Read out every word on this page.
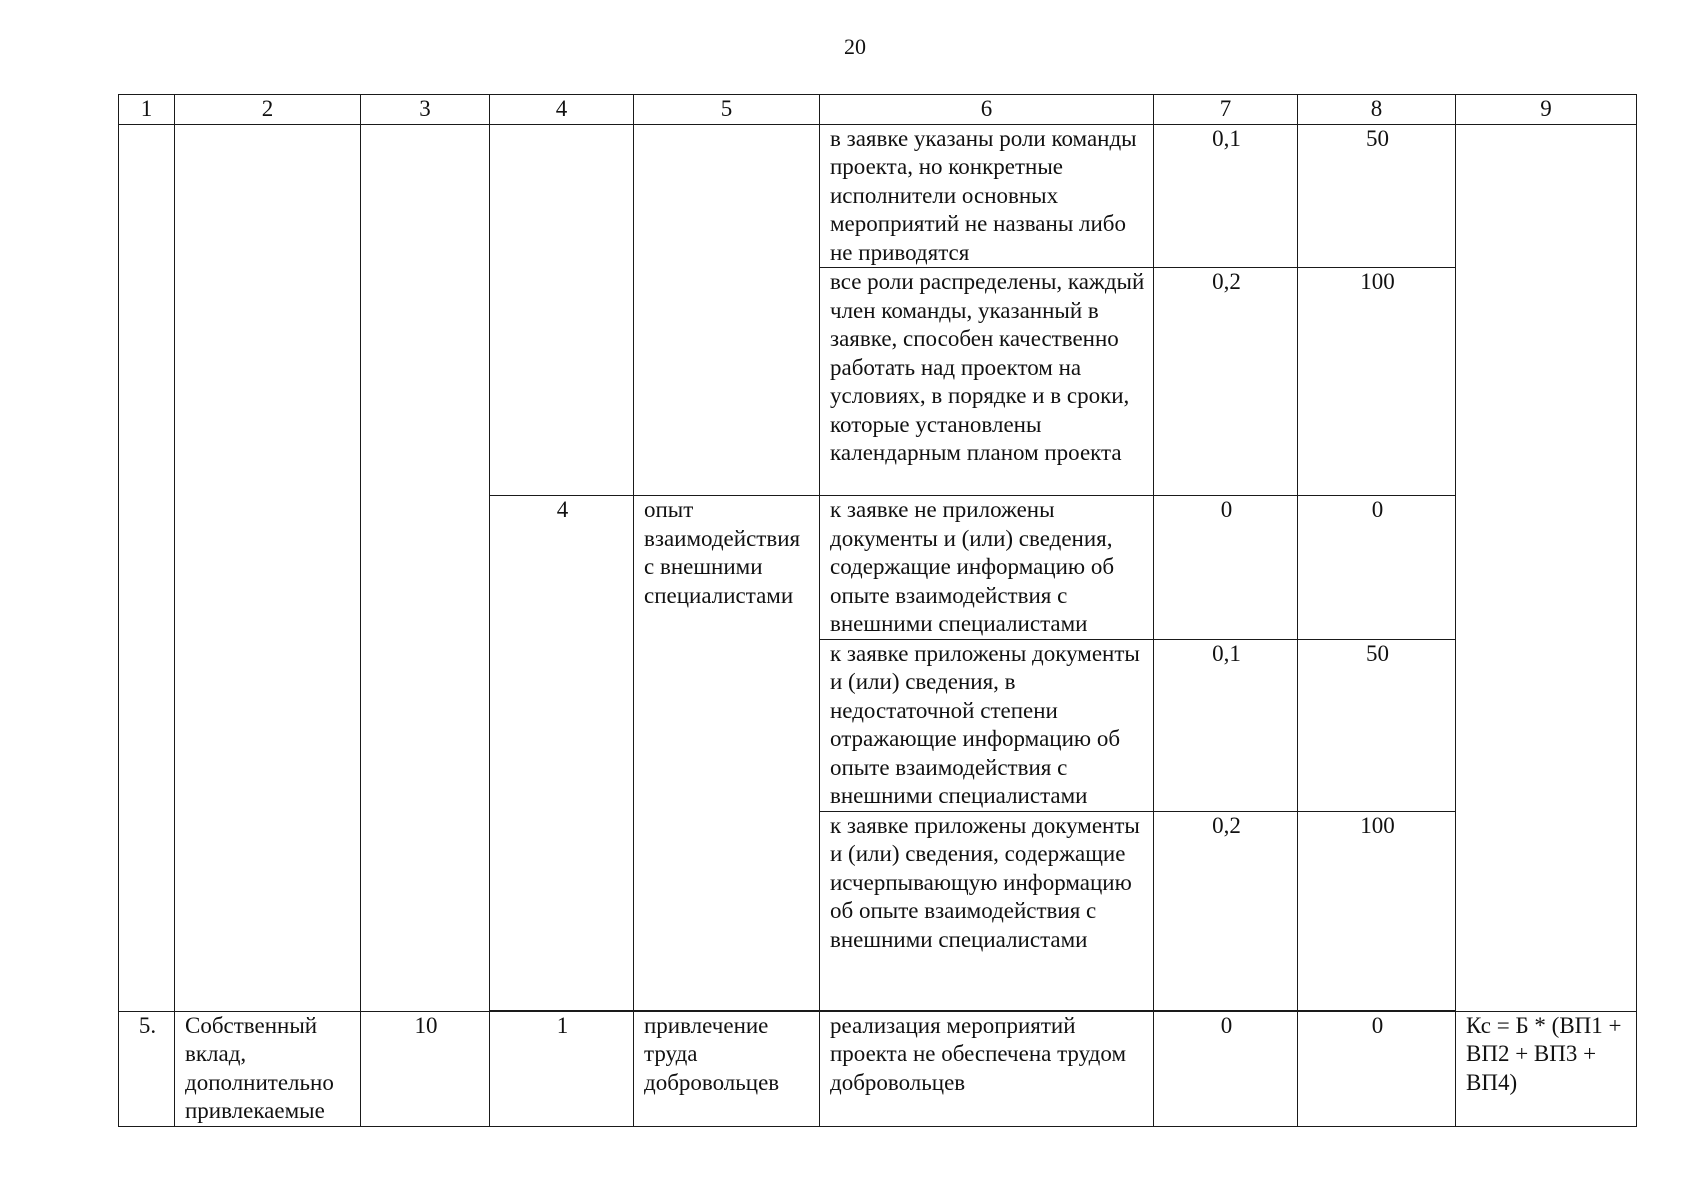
20
1	2	3	4	5	6	7	8	9
					в заявке указаны роли команды проекта, но конкретные исполнители основных мероприятий не названы либо не приводятся	0,1	50	
					все роли распределены, каждый член команды, указанный в заявке, способен качественно работать над проектом на условиях, в порядке и в сроки, которые установлены календарным планом проекта	0,2	100	
			4	опыт взаимодействия с внешними специалистами	к заявке не приложены документы и (или) сведения, содержащие информацию об опыте взаимодействия с внешними специалистами	0	0	
					к заявке приложены документы и (или) сведения, в недостаточной степени отражающие информацию об опыте взаимодействия с внешними специалистами	0,1	50	
					к заявке приложены документы и (или) сведения, содержащие исчерпывающую информацию об опыте взаимодействия с внешними специалистами	0,2	100	

5.	Собственный вклад, дополнительно привлекаемые	10	1	привлечение труда добровольцев	реализация мероприятий проекта не обеспечена трудом добровольцев	0	0	Кс = Б * (ВП1 + ВП2 + ВП3 + ВП4)
